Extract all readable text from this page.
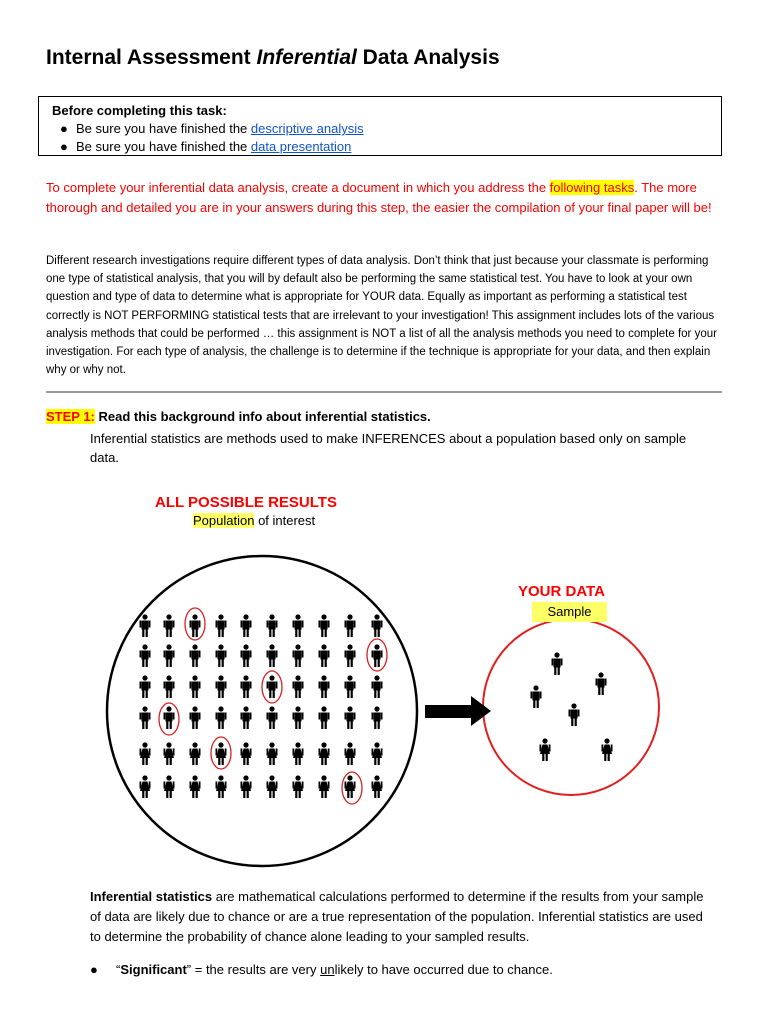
Internal Assessment Inferential Data Analysis
Before completing this task:
● Be sure you have finished the descriptive analysis
● Be sure you have finished the data presentation
To complete your inferential data analysis, create a document in which you address the following tasks. The more thorough and detailed you are in your answers during this step, the easier the compilation of your final paper will be!
Different research investigations require different types of data analysis. Don’t think that just because your classmate is performing one type of statistical analysis, that you will by default also be performing the same statistical test. You have to look at your own question and type of data to determine what is appropriate for YOUR data. Equally as important as performing a statistical test correctly is NOT PERFORMING statistical tests that are irrelevant to your investigation! This assignment includes lots of the various analysis methods that could be performed … this assignment is NOT a list of all the analysis methods you need to complete for your investigation. For each type of analysis, the challenge is to determine if the technique is appropriate for your data, and then explain why or why not.
STEP 1: Read this background info about inferential statistics.
Inferential statistics are methods used to make INFERENCES about a population based only on sample data.
ALL POSSIBLE RESULTS
Population of interest
YOUR DATA
Sample
Inferential statistics are mathematical calculations performed to determine if the results from your sample of data are likely due to chance or are a true representation of the population. Inferential statistics are used to determine the probability of chance alone leading to your sampled results.
● “Significant” = the results are very unlikely to have occurred due to chance.
